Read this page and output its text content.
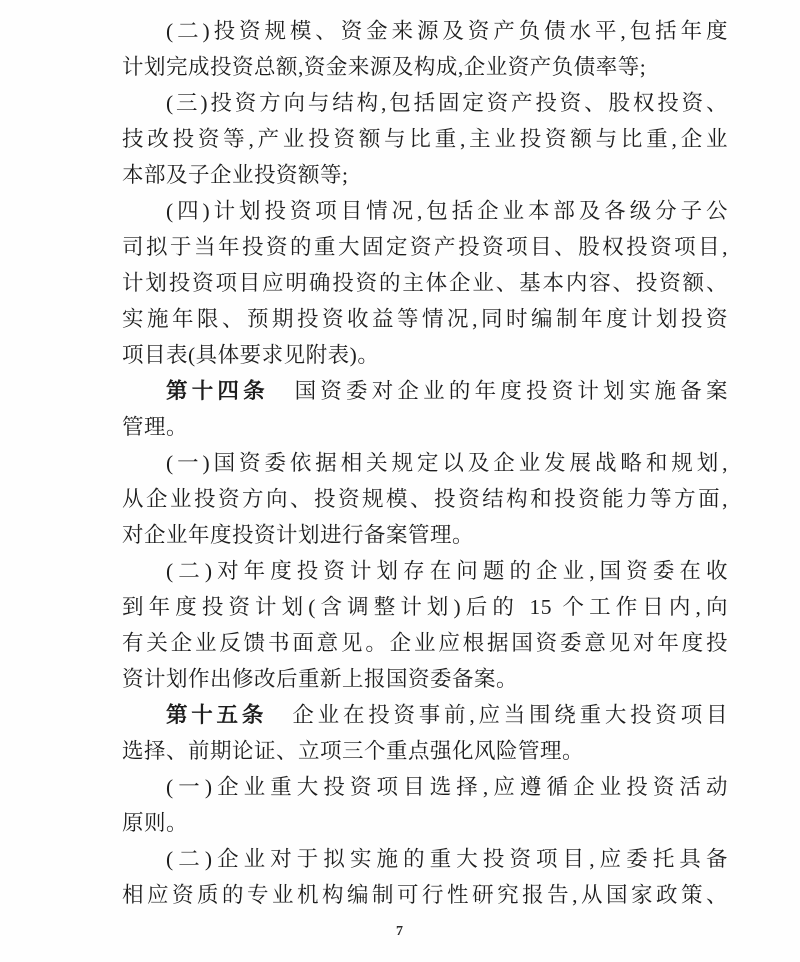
(二)投资规模、资金来源及资产负债水平,包括年度
计划完成投资总额,资金来源及构成,企业资产负债率等;
(三)投资方向与结构,包括固定资产投资、股权投资、
技改投资等,产业投资额与比重,主业投资额与比重,企业
本部及子企业投资额等;
(四)计划投资项目情况,包括企业本部及各级分子公
司拟于当年投资的重大固定资产投资项目、股权投资项目,
计划投资项目应明确投资的主体企业、基本内容、投资额、
实施年限、预期投资收益等情况,同时编制年度计划投资
项目表(具体要求见附表)。
第十四条　国资委对企业的年度投资计划实施备案
管理。
(一)国资委依据相关规定以及企业发展战略和规划,
从企业投资方向、投资规模、投资结构和投资能力等方面,
对企业年度投资计划进行备案管理。
(二)对年度投资计划存在问题的企业,国资委在收
到年度投资计划(含调整计划)后的 15 个工作日内,向
有关企业反馈书面意见。企业应根据国资委意见对年度投
资计划作出修改后重新上报国资委备案。
第十五条　企业在投资事前,应当围绕重大投资项目
选择、前期论证、立项三个重点强化风险管理。
(一)企业重大投资项目选择,应遵循企业投资活动
原则。
(二)企业对于拟实施的重大投资项目,应委托具备
相应资质的专业机构编制可行性研究报告,从国家政策、
7
